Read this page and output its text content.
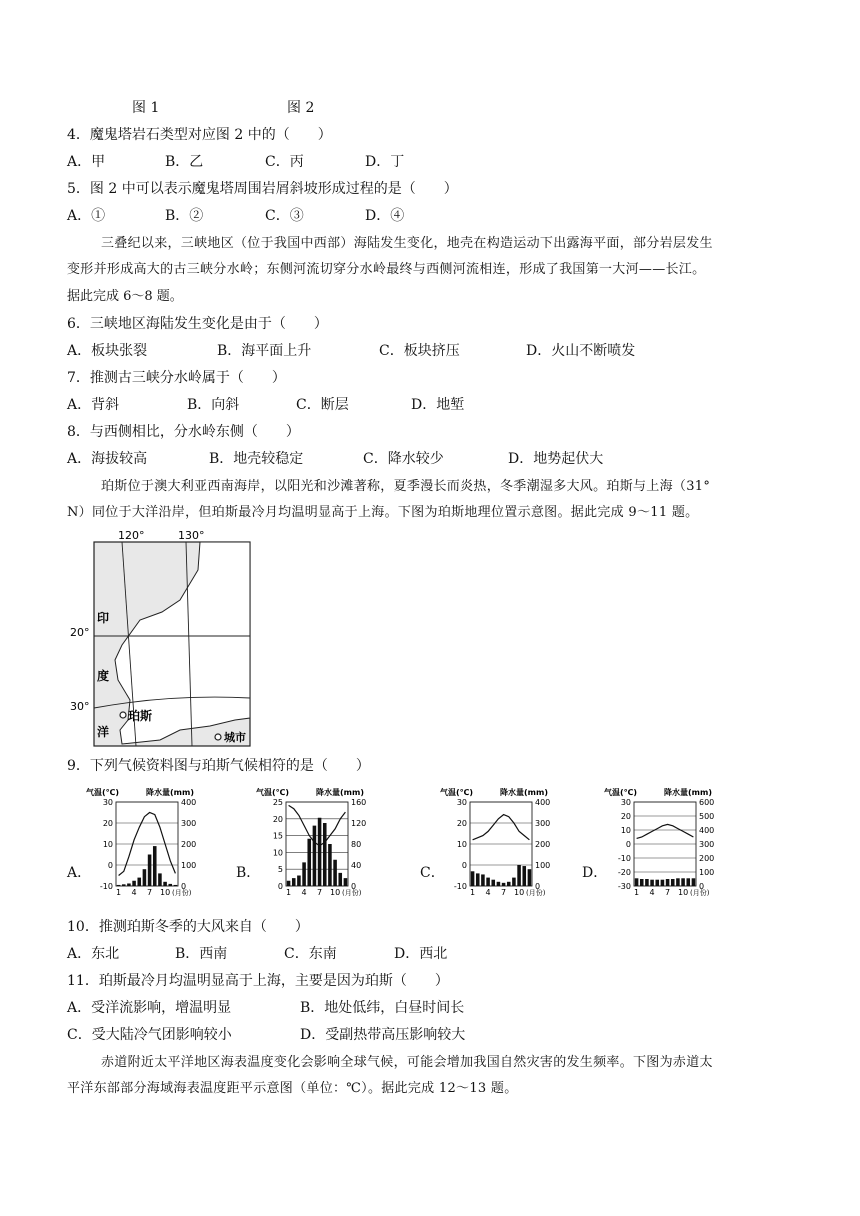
图 1	图 2
4．魔鬼塔岩石类型对应图 2 中的（　　）
A．甲	B．乙	C．丙	D．丁
5．图 2 中可以表示魔鬼塔周围岩屑斜坡形成过程的是（　　）
A．①	B．②	C．③	D．④
三叠纪以来，三峡地区（位于我国中西部）海陆发生变化，地壳在构造运动下出露海平面，部分岩层发生
变形并形成高大的古三峡分水岭；东侧河流切穿分水岭最终与西侧河流相连，形成了我国第一大河——长江。
据此完成 6～8 题。
6．三峡地区海陆发生变化是由于（　　）
A．板块张裂	B．海平面上升	C．板块挤压	D．火山不断喷发
7．推测古三峡分水岭属于（　　）
A．背斜	B．向斜	C．断层	D．地堑
8．与西侧相比，分水岭东侧（　　）
A．海拔较高	B．地壳较稳定	C．降水较少	D．地势起伏大
珀斯位于澳大利亚西南海岸，以阳光和沙滩著称，夏季漫长而炎热，冬季潮湿多大风。珀斯与上海（31°
N）同位于大洋沿岸，但珀斯最冷月均温明显高于上海。下图为珀斯地理位置示意图。据此完成 9～11 题。
120°	130°
20°
30°
印
度
洋
珀斯
城市
9．下列气候资料图与珀斯气候相符的是（　　）
A．	B．	C．	D．
气温(℃)	降水量(mm)
30
20
10
0
-10
400
300
200
100
0
1 4 7 10 (月份)
气温(℃)	降水量(mm)
25
20
15
10
5
0
160
120
80
40
0
1 4 7 10 (月份)
气温(℃)	降水量(mm)
30
20
10
0
-10
400
300
200
100
0
1 4 7 10 (月份)
气温(℃)	降水量(mm)
30
20
10
0
-10
-20
-30
600
500
400
300
200
100
0
1 4 7 10 (月份)
10．推测珀斯冬季的大风来自（　　）
A．东北	B．西南	C．东南	D．西北
11．珀斯最冷月均温明显高于上海，主要是因为珀斯（　　）
A．受洋流影响，增温明显	B．地处低纬，白昼时间长
C．受大陆冷气团影响较小	D．受副热带高压影响较大
赤道附近太平洋地区海表温度变化会影响全球气候，可能会增加我国自然灾害的发生频率。下图为赤道太
平洋东部部分海域海表温度距平示意图（单位：℃）。据此完成 12～13 题。
